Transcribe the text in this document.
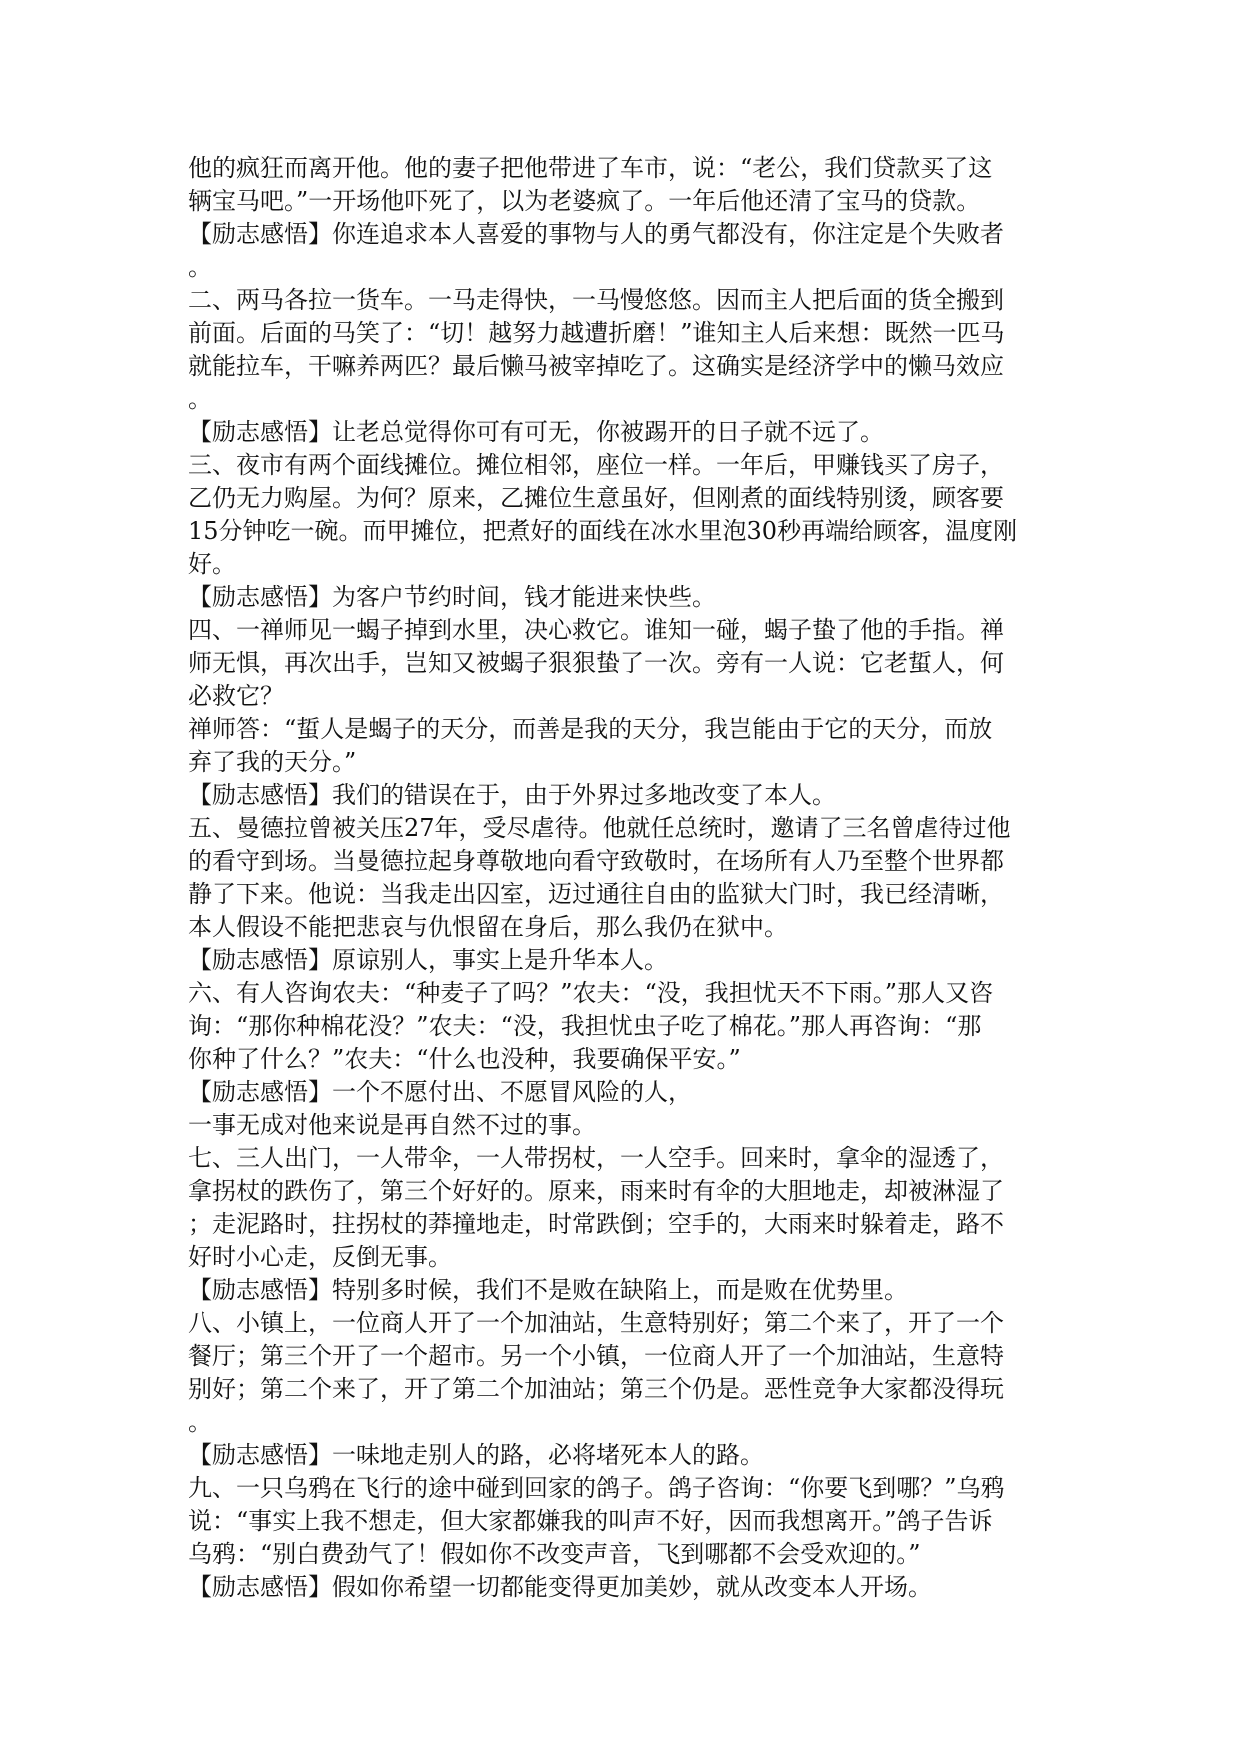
他的疯狂而离开他。他的妻子把他带进了车市，说：“老公，我们贷款买了这
辆宝马吧。”一开场他吓死了，以为老婆疯了。一年后他还清了宝马的贷款。
【励志感悟】你连追求本人喜爱的事物与人的勇气都没有，你注定是个失败者
。
二、两马各拉一货车。一马走得快，一马慢悠悠。因而主人把后面的货全搬到
前面。后面的马笑了：“切！越努力越遭折磨！”谁知主人后来想：既然一匹马
就能拉车，干嘛养两匹？最后懒马被宰掉吃了。这确实是经济学中的懒马效应
。
【励志感悟】让老总觉得你可有可无，你被踢开的日子就不远了。
三、夜市有两个面线摊位。摊位相邻，座位一样。一年后，甲赚钱买了房子，
乙仍无力购屋。为何？原来，乙摊位生意虽好，但刚煮的面线特别烫，顾客要
15分钟吃一碗。而甲摊位，把煮好的面线在冰水里泡30秒再端给顾客，温度刚
好。
【励志感悟】为客户节约时间，钱才能进来快些。
四、一禅师见一蝎子掉到水里，决心救它。谁知一碰，蝎子蛰了他的手指。禅
师无惧，再次出手，岂知又被蝎子狠狠蛰了一次。旁有一人说：它老蜇人，何
必救它？
禅师答：“蜇人是蝎子的天分，而善是我的天分，我岂能由于它的天分，而放
弃了我的天分。”
【励志感悟】我们的错误在于，由于外界过多地改变了本人。
五、曼德拉曾被关压27年，受尽虐待。他就任总统时，邀请了三名曾虐待过他
的看守到场。当曼德拉起身尊敬地向看守致敬时，在场所有人乃至整个世界都
静了下来。他说：当我走出囚室，迈过通往自由的监狱大门时，我已经清晰，
本人假设不能把悲哀与仇恨留在身后，那么我仍在狱中。
【励志感悟】原谅别人，事实上是升华本人。
六、有人咨询农夫：“种麦子了吗？”农夫：“没，我担忧天不下雨。”那人又咨
询：“那你种棉花没？”农夫：“没，我担忧虫子吃了棉花。”那人再咨询：“那
你种了什么？”农夫：“什么也没种，我要确保平安。”
【励志感悟】一个不愿付出、不愿冒风险的人，
一事无成对他来说是再自然不过的事。
七、三人出门，一人带伞，一人带拐杖，一人空手。回来时，拿伞的湿透了，
拿拐杖的跌伤了，第三个好好的。原来，雨来时有伞的大胆地走，却被淋湿了
；走泥路时，拄拐杖的莽撞地走，时常跌倒；空手的，大雨来时躲着走，路不
好时小心走，反倒无事。
【励志感悟】特别多时候，我们不是败在缺陷上，而是败在优势里。
八、小镇上，一位商人开了一个加油站，生意特别好；第二个来了，开了一个
餐厅；第三个开了一个超市。另一个小镇，一位商人开了一个加油站，生意特
别好；第二个来了，开了第二个加油站；第三个仍是。恶性竞争大家都没得玩
。
【励志感悟】一味地走别人的路，必将堵死本人的路。
九、一只乌鸦在飞行的途中碰到回家的鸽子。鸽子咨询：“你要飞到哪？”乌鸦
说：“事实上我不想走，但大家都嫌我的叫声不好，因而我想离开。”鸽子告诉
乌鸦：“别白费劲气了！假如你不改变声音，飞到哪都不会受欢迎的。”
【励志感悟】假如你希望一切都能变得更加美妙，就从改变本人开场。
